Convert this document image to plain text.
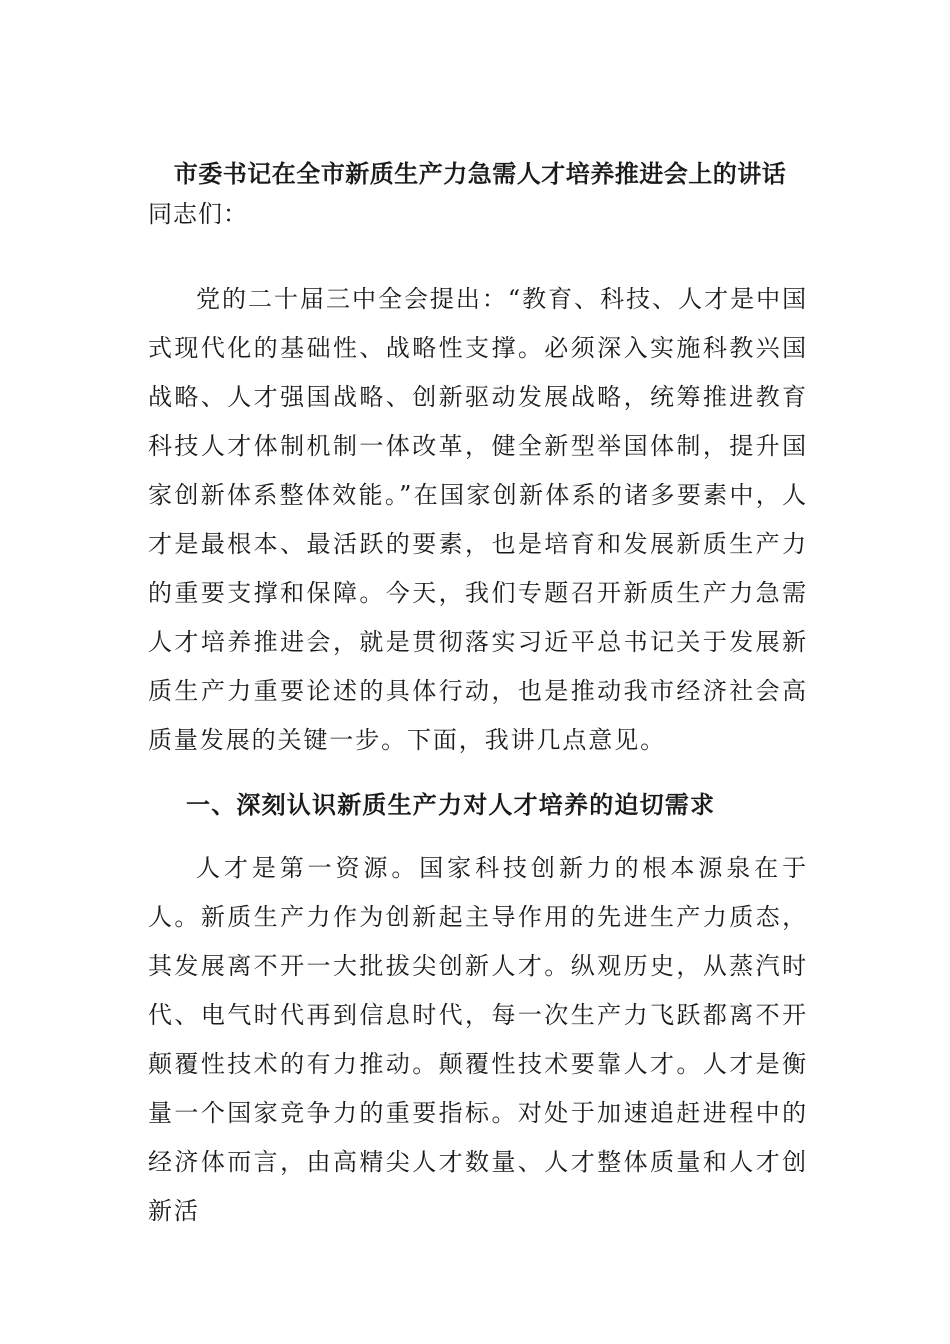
市委书记在全市新质生产力急需人才培养推进会上的讲话
同志们：

党的二十届三中全会提出：“教育、科技、人才是中国式现代化的基础性、战略性支撑。必须深入实施科教兴国战略、人才强国战略、创新驱动发展战略，统筹推进教育科技人才体制机制一体改革，健全新型举国体制，提升国家创新体系整体效能。”在国家创新体系的诸多要素中，人才是最根本、最活跃的要素，也是培育和发展新质生产力的重要支撑和保障。今天，我们专题召开新质生产力急需人才培养推进会，就是贯彻落实习近平总书记关于发展新质生产力重要论述的具体行动，也是推动我市经济社会高质量发展的关键一步。下面，我讲几点意见。

一、深刻认识新质生产力对人才培养的迫切需求

人才是第一资源。国家科技创新力的根本源泉在于人。新质生产力作为创新起主导作用的先进生产力质态，其发展离不开一大批拔尖创新人才。纵观历史，从蒸汽时代、电气时代再到信息时代，每一次生产力飞跃都离不开颠覆性技术的有力推动。颠覆性技术要靠人才。人才是衡量一个国家竞争力的重要指标。对处于加速追赶进程中的经济体而言，由高精尖人才数量、人才整体质量和人才创新活
